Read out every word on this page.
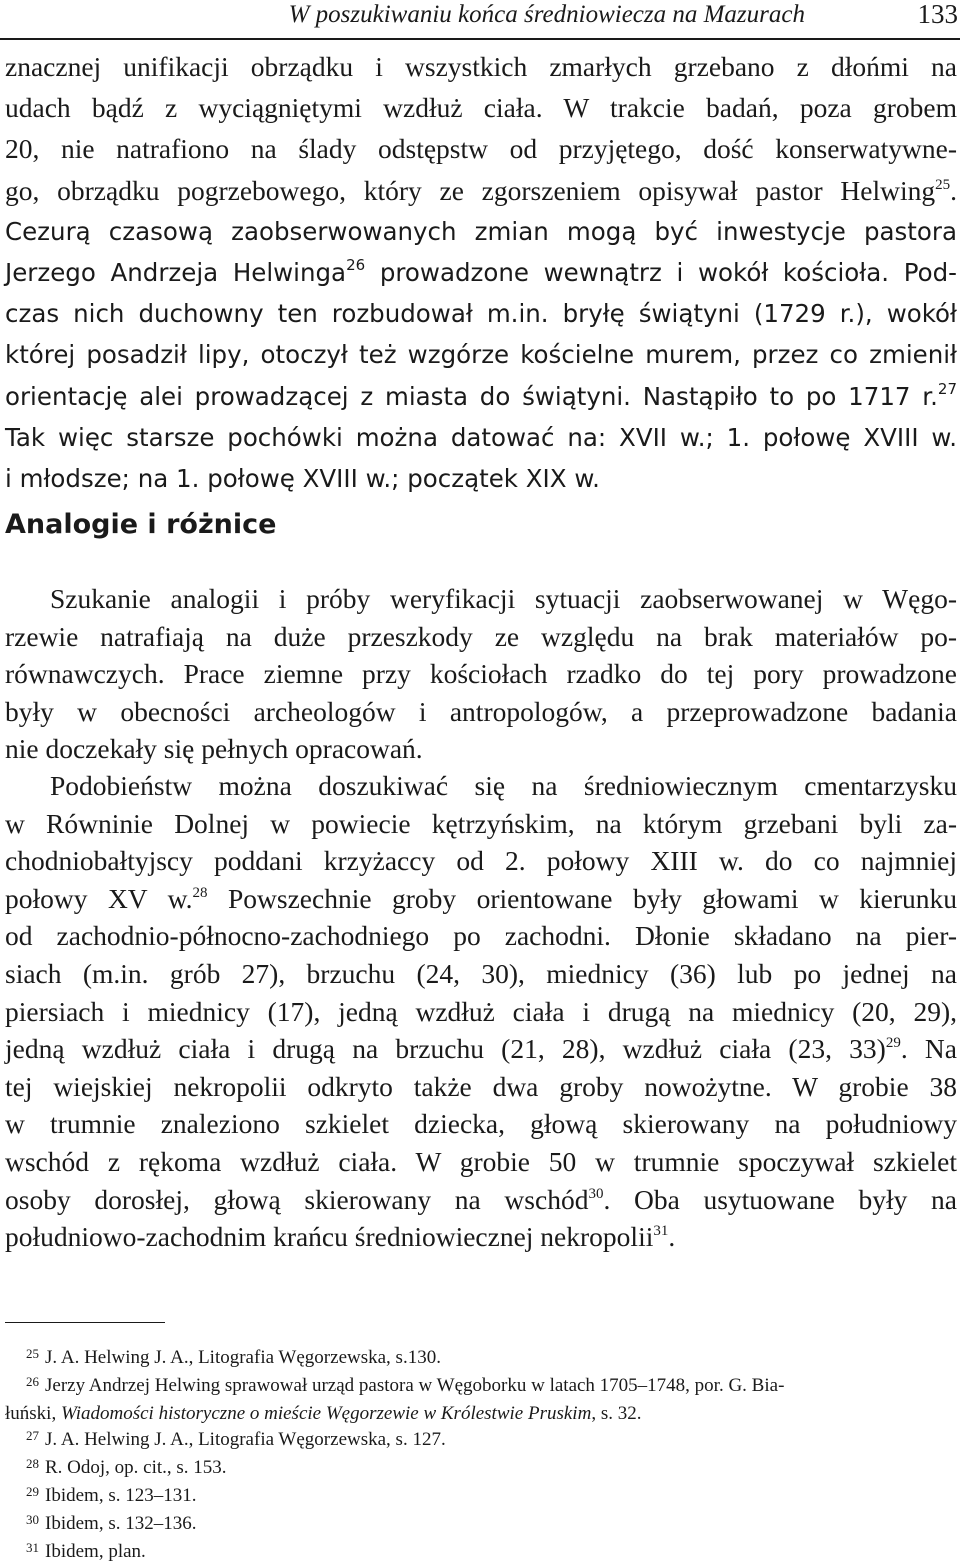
W poszukiwaniu końca średniowiecza na Mazurach	133
znacznej unifikacji obrządku i wszystkich zmarłych grzebano z dłońmi na
udach bądź z wyciągniętymi wzdłuż ciała. W trakcie badań, poza grobem
20, nie natrafiono na ślady odstępstw od przyjętego, dość konserwatywne-
go, obrządku pogrzebowego, który ze zgorszeniem opisywał pastor Helwing$^{25}$.
Cezurą czasową zaobserwowanych zmian mogą być inwestycje pastora
Jerzego Andrzeja Helwinga$^{26}$ prowadzone wewnątrz i wokół kościoła. Pod-
czas nich duchowny ten rozbudował m.in. bryłę świątyni (1729 r.), wokół
której posadził lipy, otoczył też wzgórze kościelne murem, przez co zmienił
orientację alei prowadzącej z miasta do świątyni. Nastąpiło to po 1717 r.$^{27}$
Tak więc starsze pochówki można datować na: XVII w.; 1. połowę XVIII w.
i młodsze; na 1. połowę XVIII w.; początek XIX w.
Analogie i różnice
Szukanie analogii i próby weryfikacji sytuacji zaobserwowanej w Węgo-
rzewie natrafiają na duże przeszkody ze względu na brak materiałów po-
równawczych. Prace ziemne przy kościołach rzadko do tej pory prowadzone
były w obecności archeologów i antropologów, a przeprowadzone badania
nie doczekały się pełnych opracowań.
Podobieństw można doszukiwać się na średniowiecznym cmentarzysku
w Równinie Dolnej w powiecie kętrzyńskim, na którym grzebani byli za-
chodniobałtyjscy poddani krzyżaccy od 2. połowy XIII w. do co najmniej
połowy XV w.$^{28}$ Powszechnie groby orientowane były głowami w kierunku
od zachodnio-północno-zachodniego po zachodni. Dłonie składano na pier-
siach (m.in. grób 27), brzuchu (24, 30), miednicy (36) lub po jednej na
piersiach i miednicy (17), jedną wzdłuż ciała i drugą na miednicy (20, 29),
jedną wzdłuż ciała i drugą na brzuchu (21, 28), wzdłuż ciała (23, 33)$^{29}$. Na
tej wiejskiej nekropolii odkryto także dwa groby nowożytne. W grobie 38
w trumnie znaleziono szkielet dziecka, głową skierowany na południowy
wschód z rękoma wzdłuż ciała. W grobie 50 w trumnie spoczywał szkielet
osoby dorosłej, głową skierowany na wschód$^{30}$. Oba usytuowane były na
południowo-zachodnim krańcu średniowiecznej nekropolii$^{31}$.
$^{25}$ J. A. Helwing J. A., Litografia Węgorzewska, s.130.
$^{26}$ Jerzy Andrzej Helwing sprawował urząd pastora w Węgoborku w latach 1705–1748, por. G. Bia-
łuński, Wiadomości historyczne o mieście Węgorzewie w Królestwie Pruskim, s. 32.
$^{27}$ J. A. Helwing J. A., Litografia Węgorzewska, s. 127.
$^{28}$ R. Odoj, op. cit., s. 153.
$^{29}$ Ibidem, s. 123–131.
$^{30}$ Ibidem, s. 132–136.
$^{31}$ Ibidem, plan.
